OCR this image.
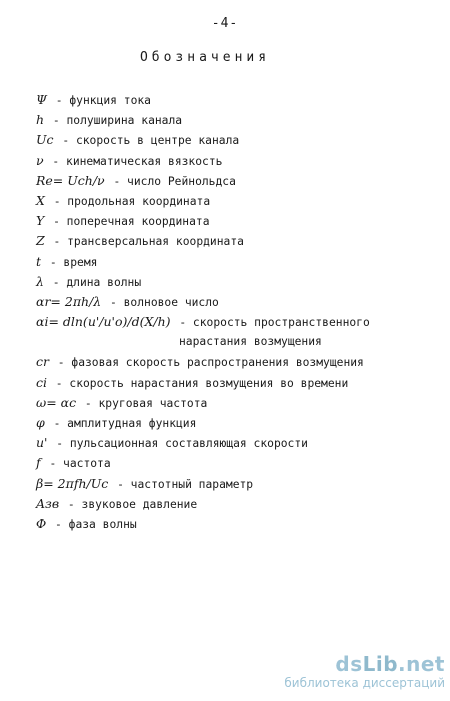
-4-
Обозначения
Ψ - функция тока
h - полуширина канала
Uc - скорость в центре канала
ν - кинематическая вязкость
Re= Uch/ν - число Рейнольдса
X - продольная координата
Y - поперечная координата
Z - трансверсальная координата
t - время
λ - длина волны
αr= 2πh/λ - волновое число
αi= dln(u'/u'o)/d(X/h) - скорость пространственного
нарастания возмущения
cr - фазовая скорость распространения возмущения
ci - скорость нарастания возмущения во времени
ω= αc - круговая частота
φ - амплитудная функция
u' - пульсационная составляющая скорости
f - частота
β= 2πfh/Uc - частотный параметр
Aзв - звуковое давление
Φ - фаза волны
dsLib.net
библиотека диссертаций
